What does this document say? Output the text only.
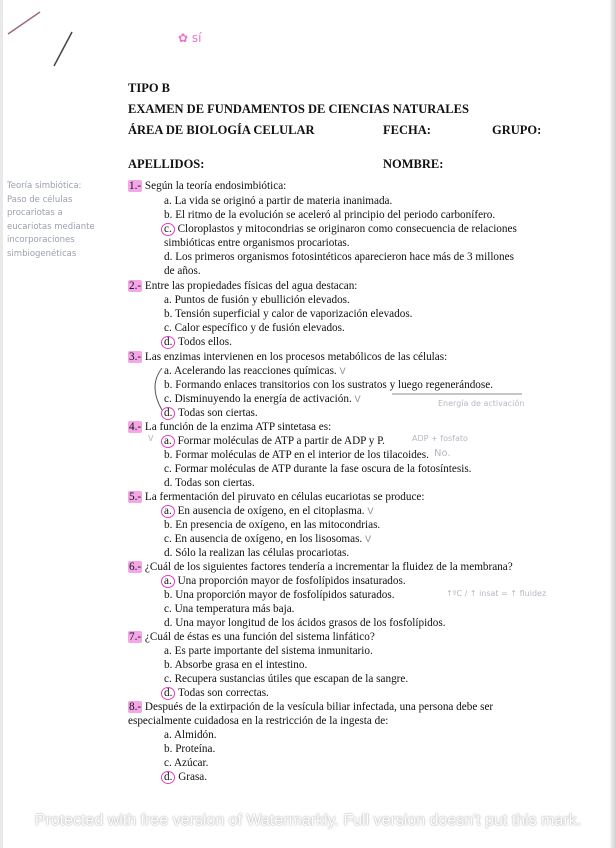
✿ sí
TIPO B
EXAMEN DE FUNDAMENTOS DE CIENCIAS NATURALES
ÁREA DE BIOLOGÍA CELULAR	FECHA:	GRUPO:
APELLIDOS:	NOMBRE:
Teoría simbiótica:
Paso de células
procariotas a
eucariotas mediante
incorporaciones
simbiogenéticas
1.- Según la teoría endosimbiótica:
a. La vida se originó a partir de materia inanimada.
b. El ritmo de la evolución se aceleró al principio del periodo carbonífero.
c. Cloroplastos y mitocondrias se originaron como consecuencia de relaciones
simbióticas entre organismos procariotas.
d. Los primeros organismos fotosintéticos aparecieron hace más de 3 millones
de años.
2.- Entre las propiedades físicas del agua destacan:
a. Puntos de fusión y ebullición elevados.
b. Tensión superficial y calor de vaporización elevados.
c. Calor específico y de fusión elevados.
d. Todos ellos.
3.- Las enzimas intervienen en los procesos metabólicos de las células:
a. Acelerando las reacciones químicas. V
b. Formando enlaces transitorios con los sustratos y luego regenerándose.
c. Disminuyendo la energía de activación. V
d. Todas son ciertas.
Energía de activación
4.- La función de la enzima ATP sintetasa es:
a. Formar moléculas de ATP a partir de ADP y P.
b. Formar moléculas de ATP en el interior de los tilacoides.
c. Formar moléculas de ATP durante la fase oscura de la fotosíntesis.
d. Todas son ciertas.
V	ADP + fosfato
No.
5.- La fermentación del piruvato en células eucariotas se produce:
a. En ausencia de oxígeno, en el citoplasma. V
b. En presencia de oxígeno, en las mitocondrias.
c. En ausencia de oxígeno, en los lisosomas. V
d. Sólo la realizan las células procariotas.
6.- ¿Cuál de los siguientes factores tendería a incrementar la fluidez de la membrana?
a. Una proporción mayor de fosfolípidos insaturados.
b. Una proporción mayor de fosfolípidos saturados.
c. Una temperatura más baja.
d. Una mayor longitud de los ácidos grasos de los fosfolípidos.
↑ºC / ↑ insat = ↑ fluidez
7.- ¿Cuál de éstas es una función del sistema linfático?
a. Es parte importante del sistema inmunitario.
b. Absorbe grasa en el intestino.
c. Recupera sustancias útiles que escapan de la sangre.
d. Todas son correctas.
8.- Después de la extirpación de la vesícula biliar infectada, una persona debe ser
especialmente cuidadosa en la restricción de la ingesta de:
a. Almidón.
b. Proteína.
c. Azúcar.
d. Grasa.
Protected with free version of Watermarkly. Full version doesn't put this mark.
